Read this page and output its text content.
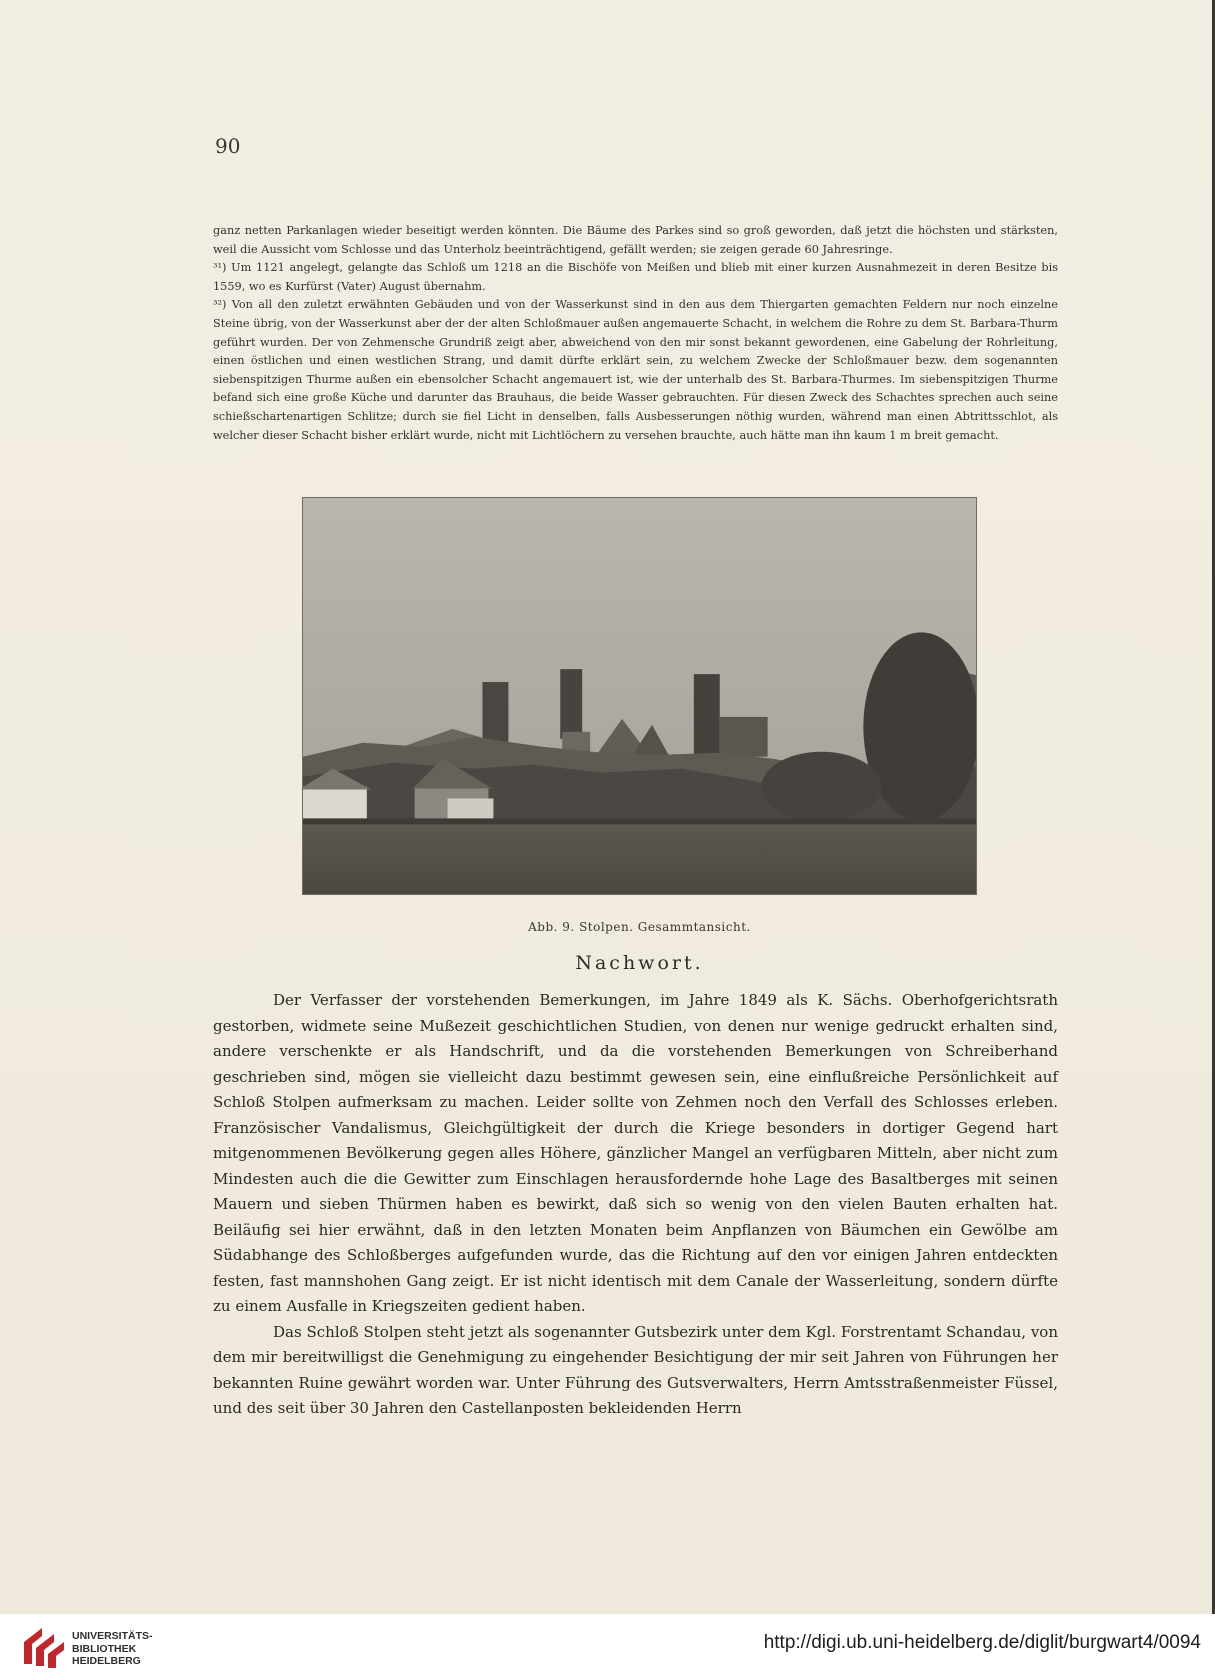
90

ganz netten Parkanlagen wieder beseitigt werden könnten. Die Bäume des Parkes sind so groß geworden, daß jetzt die höchsten und stärksten, weil die Aussicht vom Schlosse und das Unterholz beeinträchtigend, gefällt werden; sie zeigen gerade 60 Jahresringe.

³¹) Um 1121 angelegt, gelangte das Schloß um 1218 an die Bischöfe von Meißen und blieb mit einer kurzen Ausnahmezeit in deren Besitze bis 1559, wo es Kurfürst (Vater) August übernahm.

³²) Von all den zuletzt erwähnten Gebäuden und von der Wasserkunst sind in den aus dem Thiergarten gemachten Feldern nur noch einzelne Steine übrig, von der Wasserkunst aber der der alten Schloßmauer außen angemauerte Schacht, in welchem die Rohre zu dem St. Barbara-Thurm geführt wurden. Der von Zehmensche Grundriß zeigt aber, abweichend von den mir sonst bekannt gewordenen, eine Gabelung der Rohrleitung, einen östlichen und einen westlichen Strang, und damit dürfte erklärt sein, zu welchem Zwecke der Schloßmauer bezw. dem sogenannten siebenspitzigen Thurme außen ein ebensolcher Schacht angemauert ist, wie der unterhalb des St. Barbara-Thurmes. Im siebenspitzigen Thurme befand sich eine große Küche und darunter das Brauhaus, die beide Wasser gebrauchten. Für diesen Zweck des Schachtes sprechen auch seine schießschartenartigen Schlitze; durch sie fiel Licht in denselben, falls Ausbesserungen nöthig wurden, während man einen Abtrittsschlot, als welcher dieser Schacht bisher erklärt wurde, nicht mit Lichtlöchern zu versehen brauchte, auch hätte man ihn kaum 1 m breit gemacht.

Abb. 9. Stolpen. Gesammtansicht.
Nachwort.

Der Verfasser der vorstehenden Bemerkungen, im Jahre 1849 als K. Sächs. Oberhofgerichtsrath gestorben, widmete seine Mußezeit geschichtlichen Studien, von denen nur wenige gedruckt erhalten sind, andere verschenkte er als Handschrift, und da die vorstehenden Bemerkungen von Schreiberhand geschrieben sind, mögen sie vielleicht dazu bestimmt gewesen sein, eine einflußreiche Persönlichkeit auf Schloß Stolpen aufmerksam zu machen. Leider sollte von Zehmen noch den Verfall des Schlosses erleben. Französischer Vandalismus, Gleichgültigkeit der durch die Kriege besonders in dortiger Gegend hart mitgenommenen Bevölkerung gegen alles Höhere, gänzlicher Mangel an verfügbaren Mitteln, aber nicht zum Mindesten auch die die Gewitter zum Einschlagen herausfordernde hohe Lage des Basaltberges mit seinen Mauern und sieben Thürmen haben es bewirkt, daß sich so wenig von den vielen Bauten erhalten hat. Beiläufig sei hier erwähnt, daß in den letzten Monaten beim Anpflanzen von Bäumchen ein Gewölbe am Südabhange des Schloßberges aufgefunden wurde, das die Richtung auf den vor einigen Jahren entdeckten festen, fast mannshohen Gang zeigt. Er ist nicht identisch mit dem Canale der Wasserleitung, sondern dürfte zu einem Ausfalle in Kriegszeiten gedient haben.

Das Schloß Stolpen steht jetzt als sogenannter Gutsbezirk unter dem Kgl. Forstrentamt Schandau, von dem mir bereitwilligst die Genehmigung zu eingehender Besichtigung der mir seit Jahren von Führungen her bekannten Ruine gewährt worden war. Unter Führung des Gutsverwalters, Herrn Amtsstraßenmeister Füssel, und des seit über 30 Jahren den Castellanposten bekleidenden Herrn

UNIVERSITÄTS-
BIBLIOTHEK
HEIDELBERG
http://digi.ub.uni-heidelberg.de/diglit/burgwart4/0094
